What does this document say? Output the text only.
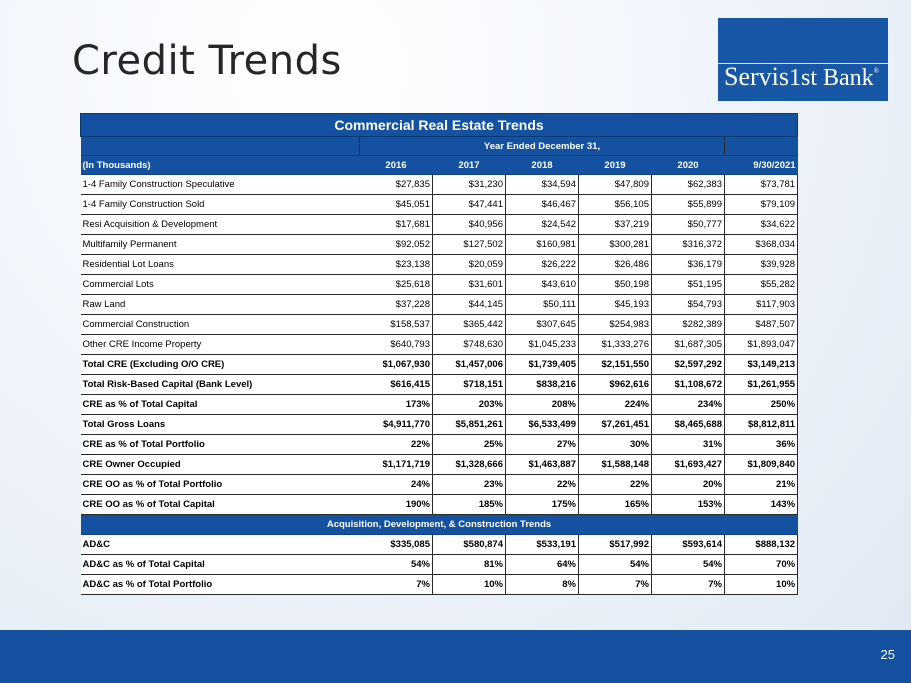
Credit Trends	Servis1st Bank®
Commercial Real Estate Trends						
	Year Ended December 31,					
(In Thousands)	2016	2017	2018	2019	2020	9/30/2021
1-4 Family Construction Speculative	$27,835	$31,230	$34,594	$47,809	$62,383	$73,781
1-4 Family Construction Sold	$45,051	$47,441	$46,467	$56,105	$55,899	$79,109
Resi Acquisition & Development	$17,681	$40,956	$24,542	$37,219	$50,777	$34,622
Multifamily Permanent	$92,052	$127,502	$160,981	$300,281	$316,372	$368,034
Residential Lot Loans	$23,138	$20,059	$26,222	$26,486	$36,179	$39,928
Commercial Lots	$25,618	$31,601	$43,610	$50,198	$51,195	$55,282
Raw Land	$37,228	$44,145	$50,111	$45,193	$54,793	$117,903
Commercial Construction	$158,537	$365,442	$307,645	$254,983	$282,389	$487,507
Other CRE Income Property	$640,793	$748,630	$1,045,233	$1,333,276	$1,687,305	$1,893,047
Total CRE (Excluding O/O CRE)	$1,067,930	$1,457,006	$1,739,405	$2,151,550	$2,597,292	$3,149,213
Total Risk-Based Capital (Bank Level)	$616,415	$718,151	$838,216	$962,616	$1,108,672	$1,261,955
CRE as % of Total Capital	173%	203%	208%	224%	234%	250%
Total Gross Loans	$4,911,770	$5,851,261	$6,533,499	$7,261,451	$8,465,688	$8,812,811
CRE as % of Total Portfolio	22%	25%	27%	30%	31%	36%
CRE Owner Occupied	$1,171,719	$1,328,666	$1,463,887	$1,588,148	$1,693,427	$1,809,840
CRE OO as % of Total Portfolio	24%	23%	22%	22%	20%	21%
CRE OO as % of Total Capital	190%	185%	175%	165%	153%	143%
Acquisition, Development, & Construction Trends						
AD&C	$335,085	$580,874	$533,191	$517,992	$593,614	$888,132
AD&C as % of Total Capital	54%	81%	64%	54%	54%	70%
AD&C as % of Total Portfolio	7%	10%	8%	7%	7%	10%
25
